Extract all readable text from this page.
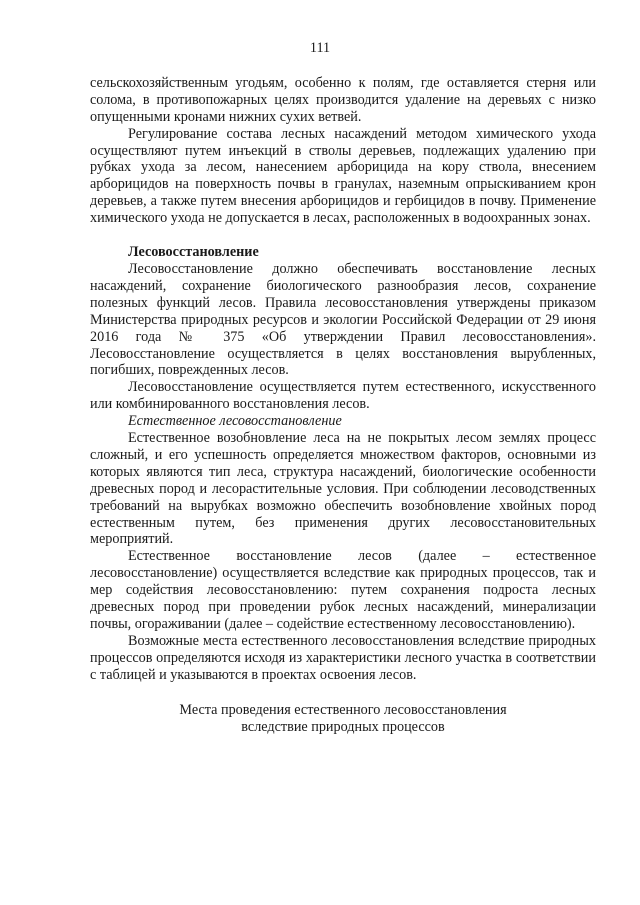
111

сельскохозяйственным угодьям, особенно к полям, где оставляется стерня или солома, в противопожарных целях производится удаление на деревьях с низко опущенными кронами нижних сухих ветвей.

Регулирование состава лесных насаждений методом химического ухода осуществляют путем инъекций в стволы деревьев, подлежащих удалению при рубках ухода за лесом, нанесением арборицида на кору ствола, внесением арборицидов на поверхность почвы в гранулах, наземным опрыскиванием крон деревьев, а также путем внесения арборицидов и гербицидов в почву. Применение химического ухода не допускается в лесах, расположенных в водоохранных зонах.

Лесовосстановление

Лесовосстановление должно обеспечивать восстановление лесных насаждений, сохранение биологического разнообразия лесов, сохранение полезных функций лесов. Правила лесовосстановления утверждены приказом Министерства природных ресурсов и экологии Российской Федерации от 29 июня 2016 года № 375 «Об утверждении Правил лесовосстановления». Лесовосстановление осуществляется в целях восстановления вырубленных, погибших, поврежденных лесов.

Лесовосстановление осуществляется путем естественного, искусственного или комбинированного восстановления лесов.

Естественное лесовосстановление

Естественное возобновление леса на не покрытых лесом землях процесс сложный, и его успешность определяется множеством факторов, основными из которых являются тип леса, структура насаждений, биологические особенности древесных пород и лесорастительные условия. При соблюдении лесоводственных требований на вырубках возможно обеспечить возобновление хвойных пород естественным путем, без применения других лесовосстановительных мероприятий.

Естественное восстановление лесов (далее – естественное лесовосстановление) осуществляется вследствие как природных процессов, так и мер содействия лесовосстановлению: путем сохранения подроста лесных древесных пород при проведении рубок лесных насаждений, минерализации почвы, огораживании (далее – содействие естественному лесовосстановлению).

Возможные места естественного лесовосстановления вследствие природных процессов определяются исходя из характеристики лесного участка в соответствии с таблицей и указываются в проектах освоения лесов.

Места проведения естественного лесовосстановления
вследствие природных процессов
